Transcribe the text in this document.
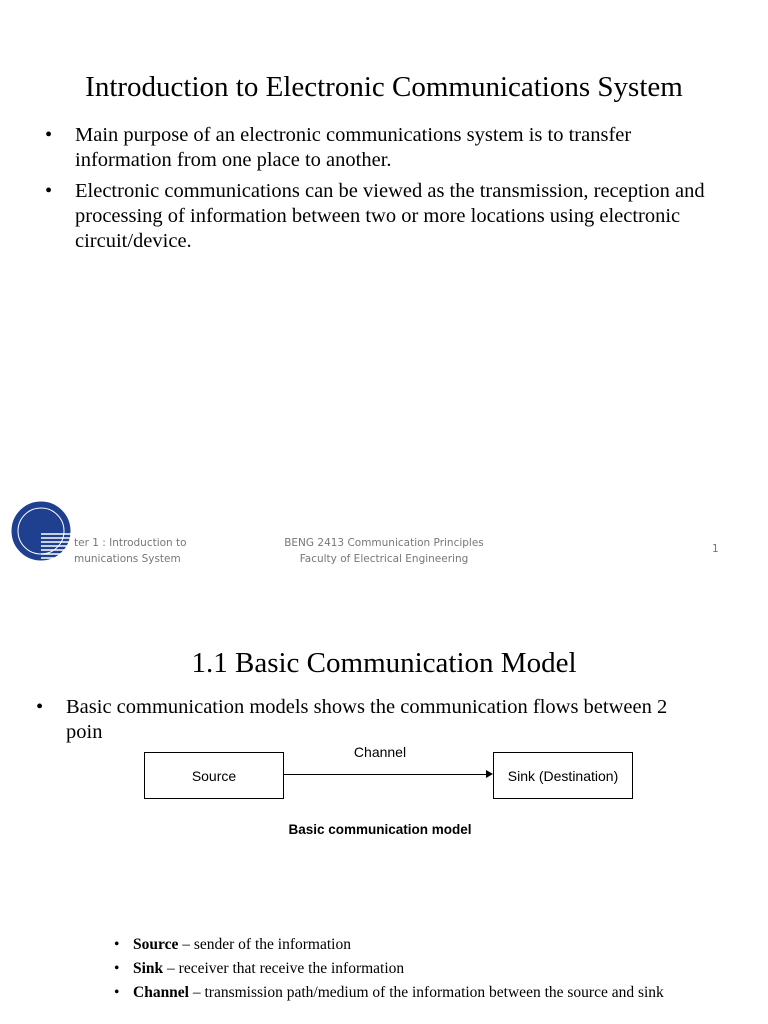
Introduction to Electronic Communications System
• Main purpose of an electronic communications system is to transfer information from one place to another.
• Electronic communications can be viewed as the transmission, reception and processing of information between two or more locations using electronic circuit/device.
ter 1 : Introduction to
munications System
BENG 2413 Communication Principles
Faculty of Electrical Engineering
1
1.1 Basic Communication Model
• Basic communication models shows the communication flows between 2 poin
Source
Channel
Sink (Destination)
Basic communication model
• Source – sender of the information
• Sink – receiver that receive the information
• Channel – transmission path/medium of the information between the source and sink
